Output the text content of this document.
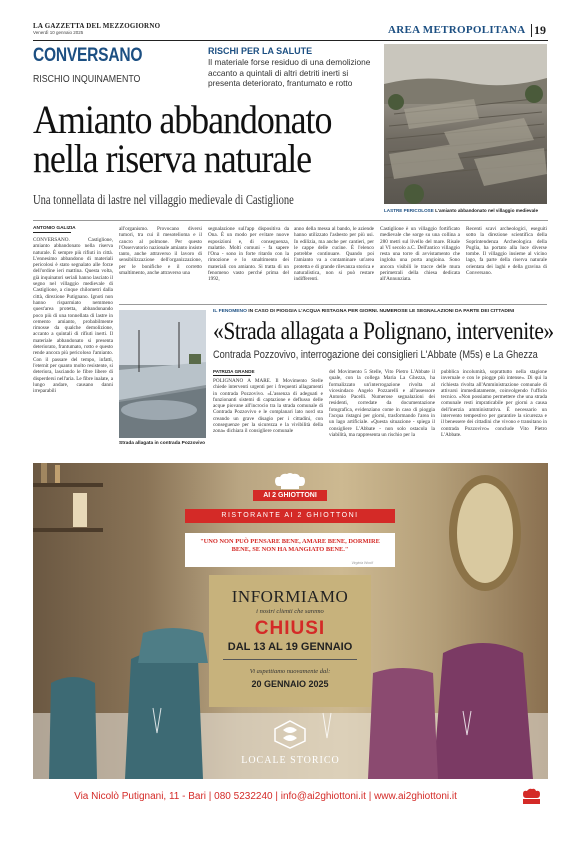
LA GAZZETTA DEL MEZZOGIORNO
Venerdì 10 gennaio 2025	AREA METROPOLITANA 19
CONVERSANO
RISCHIO INQUINAMENTO
RISCHI PER LA SALUTE
Il materiale forse residuo di una demolizione accanto a quintali di altri detriti inerti si presenta deteriorato, frantumato e rotto
Amianto abbandonato
nella riserva naturale
Una tonnellata di lastre nel villaggio medievale di Castiglione
LASTRE PERICOLOSE L'amianto abbandonato nel villaggio medievale
ANTONIO GALIZIA
CONVERSANO. Castiglione, amianto abbandonato nella riserva naturale. È sempre più rifiuti in città. L'ennesimo abbandono di materiali pericolosi è stato segnalato alle forze dell'ordine ieri mattina. Questa volta, già inquinatori seriali hanno lasciato il segno nel villaggio medievale di Castiglione, a cinque chilometri dalla città, direzione Putignano. Ignoti non hanno risparmiato nemmeno quest'area protetta, abbandonando poco più di una tonnellata di lastre in cemento amianto, probabilmente rimosse da qualche demolizione, accanto a quintali di rifiuti inerti. Il materiale abbandonato si presenta deteriorato, frantumato, rotto e questo rende ancora più pericoloso l'amianto. Con il passare del tempo, infatti, l'eternit per quanto molto resistente, si deteriora, lasciando le fibre libere di disperdersi nell'aria. Le fibre inalate, a lungo andare, causano danni irreparabili
all'organismo. Provocano diversi tumori, tra cui il mesotelioma e il cancro al polmone. Per questo l'Osservatorio nazionale amianto insiste tanto, anche attraverso il lavoro di sensibilizzazione dell'organizzazione, per le bonifiche e il corretto smaltimento, anche attraverso una
segnalazione sull'app dispositiva da Ona. È un modo per evitare nuove esposizioni e, di conseguenza, malattie. Molti comuni - fa sapere l'Ona - sono in forte ritardo con la rimozione e lo smaltimento dei materiali con amianto. Si tratta di un fenomeno vasto perché prima del 1992,
anno della messa al bando, le aziende hanno utilizzato l'asbesto per più usi. In edilizia, ma anche per cantieri, per le cappe delle cucine. È l'elenco potrebbe continuare. Quando poi l'amianto va a contaminare un'area protetta e di grande rilevanza storica e naturalistica, non si può restare indifferenti.
Castiglione è un villaggio fortificato medievale che sorge su una collina a 280 metri sul livello del mare. Risale al VI secolo a.C. Dell'antico villaggio resta una torre di avvistamento che ingloba una porta angioina. Sono ancora visibili le tracce delle mura perimetrali della chiesa dedicata all'Annunziata.
Recenti scavi archeologici, eseguiti sotto la direzione scientifica della Soprintendenza Archeologica della Puglia, ha portato alla luce diverse tombe. Il villaggio insieme al vicino lago, fa parte della riserva naturale orientata dei laghi e della gravina di Conversano.
Strada allagata in contrada Pozzovivo
IL FENOMENO IN CASO DI PIOGGIA L'ACQUA RISTAGNA PER GIORNI. NUMEROSE LE SEGNALAZIONI DA PARTE DEI CITTADINI
«Strada allagata a Polignano, intervenite»
Contrada Pozzovivo, interrogazione dei consiglieri L'Abbate (M5s) e La Ghezza
PATRIZIA GRANDE
POLIGNANO A MARE. Il Movimento Stelle chiede interventi urgenti per i frequenti allagamenti in contrada Pozzovivo. «L'assenza di adeguati e funzionanti sistemi di captazione e deflusso delle acque piovane all'incrocio tra la strada comunale di Contrada Pozzovivo e le complanari lato nord sta creando un grave disagio per i cittadini, con conseguenze per la sicurezza e la vivibilità della zona» dichiara il consigliere comunale
del Movimento 5 Stelle, Vito Pietro L'Abbate il quale, con la collega Maria La Ghezza, ha formalizzato un'interrogazione rivolta al vicesindaco Angelo Pozzarelli e all'assessore Antonio Pacelli. Numerose segnalazioni dei residenti, corredate da documentazione fotografica, evidenziano come in caso di pioggia l'acqua ristagni per giorni, trasformando l'area in un lago artificiale. «Questa situazione - spiega il consigliere L'Abbate - non solo ostacola la viabilità, ma rappresenta un rischio per la
pubblica incolumità, soprattutto nella stagione invernale e con le piogge più intense». Di qui la richiesta rivolta all'Amministrazione comunale di attivarsi immediatamente, coinvolgendo l'ufficio tecnico. «Non possiamo permettere che una strada comunale resti impraticabile per giorni a causa dell'inerzia amministrativa. È necessario un intervento tempestivo per garantire la sicurezza e il benessere dei cittadini che vivono e transitano in contrada Pozzovivo» conclude Vito Pietro L'Abbate.
AI 2 GHIOTTONI
RISTORANTE AI 2 GHIOTTONI
"UNO NON PUÒ PENSARE BENE, AMARE BENE, DORMIRE BENE, SE NON HA MANGIATO BENE."
Virginia Woolf
INFORMIAMO
i nostri clienti che saremo
CHIUSI
DAL 13 AL 19 GENNAIO
Vi aspettiamo nuovamente dal:
20 GENNAIO 2025
LOCALE STORICO
Via Nicolò Putignani, 11 - Bari | 080 5232240 | info@ai2ghiottoni.it | www.ai2ghiottoni.it
